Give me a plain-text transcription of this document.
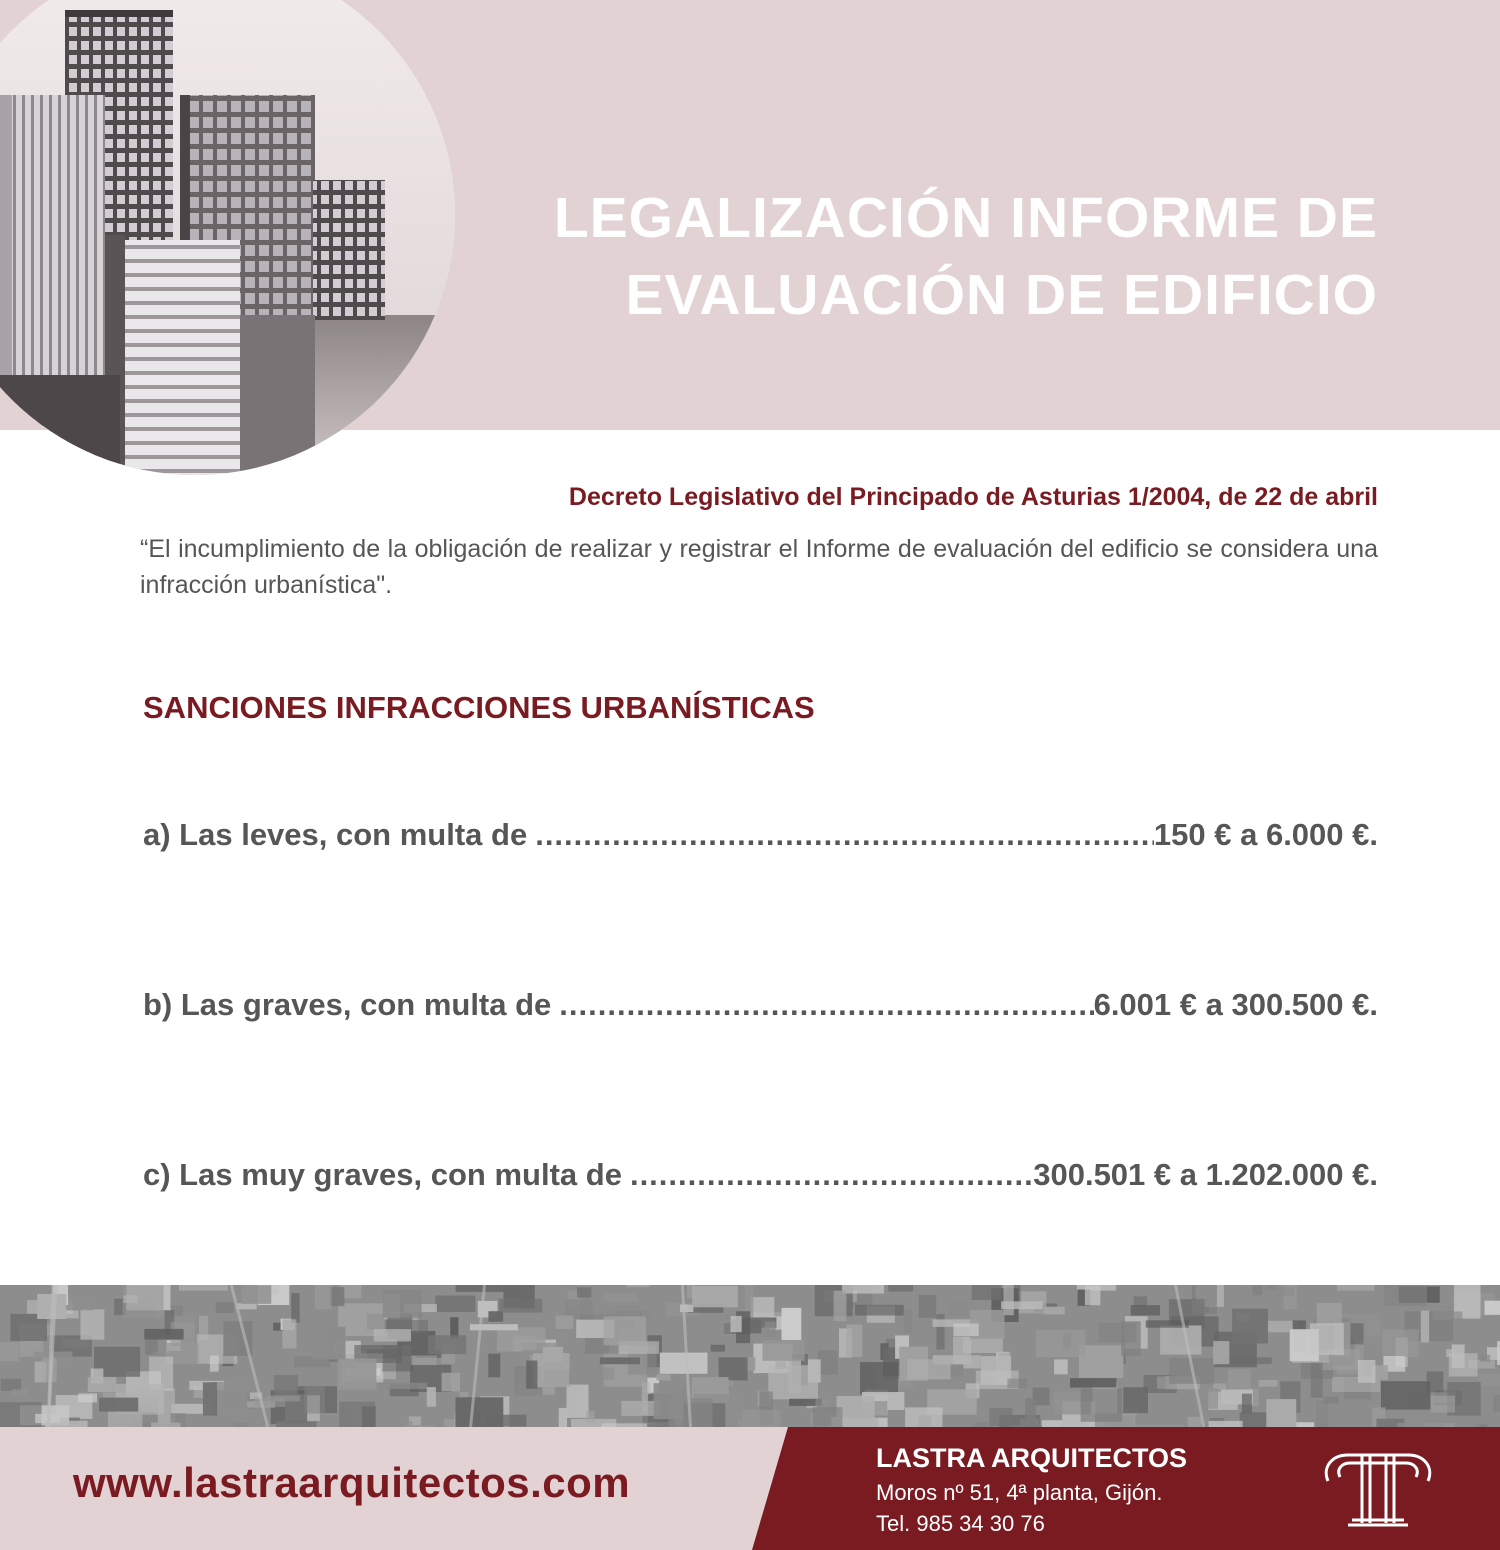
LEGALIZACIÓN INFORME DE
EVALUACIÓN DE EDIFICIO

Decreto Legislativo del Principado de Asturias 1/2004, de 22 de abril

“El incumplimiento de la obligación de realizar y registrar el Informe de evaluación del edificio se considera una infracción urbanística".

SANCIONES INFRACCIONES URBANÍSTICAS
a) Las leves, con multa de .....	150 € a 6.000 €.
b) Las graves, con multa de .....	6.001 € a 300.500 €.
c) Las muy graves, con multa de .....	300.501 € a 1.202.000 €.

www.lastraarquitectos.com

LASTRA ARQUITECTOS

Moros nº 51, 4ª planta, Gijón.

Tel. 985 34 30 76
